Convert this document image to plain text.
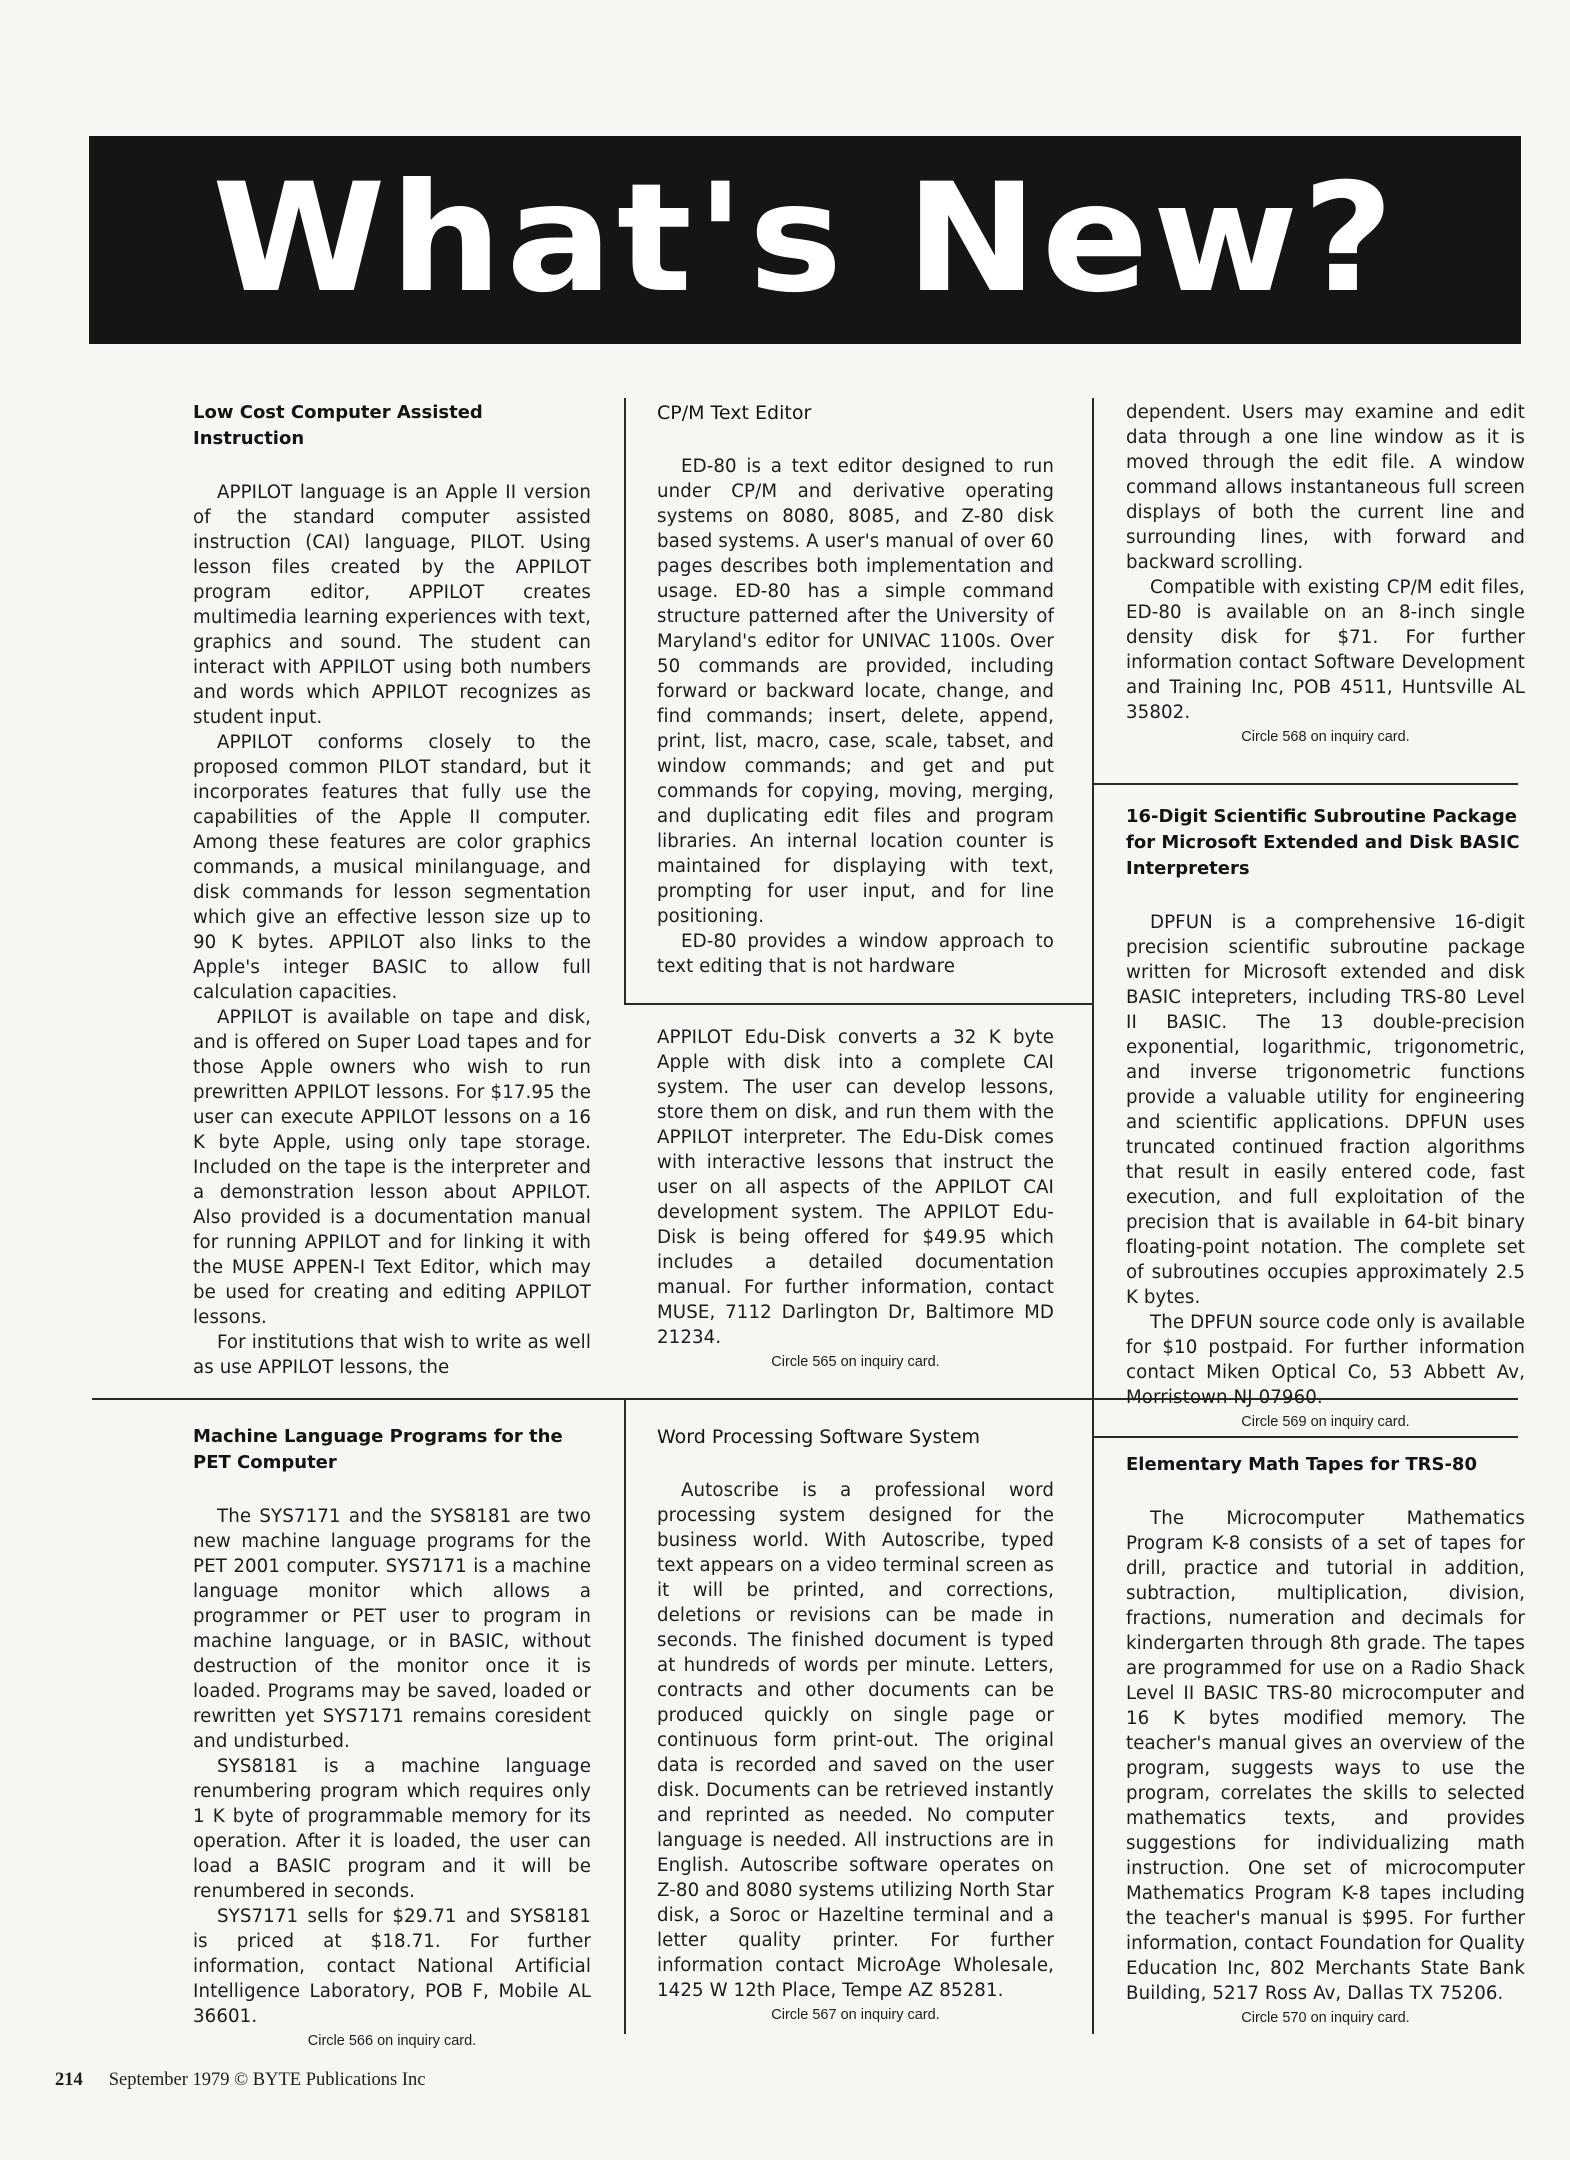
What's New?
Low Cost Computer Assisted Instruction

APPILOT language is an Apple II version of the standard computer assisted instruction (CAI) language, PILOT. Using lesson files created by the APPILOT program editor, APPILOT creates multimedia learning experiences with text, graphics and sound. The student can interact with APPILOT using both numbers and words which APPILOT recognizes as student input.

APPILOT conforms closely to the proposed common PILOT standard, but it incorporates features that fully use the capabilities of the Apple II computer. Among these features are color graphics commands, a musical minilanguage, and disk commands for lesson segmentation which give an effective lesson size up to 90 K bytes. APPILOT also links to the Apple's integer BASIC to allow full calculation capacities.

APPILOT is available on tape and disk, and is offered on Super Load tapes and for those Apple owners who wish to run prewritten APPILOT lessons. For $17.95 the user can execute APPILOT lessons on a 16 K byte Apple, using only tape storage. Included on the tape is the interpreter and a demonstration lesson about APPILOT. Also provided is a documentation manual for running APPILOT and for linking it with the MUSE APPEN-I Text Editor, which may be used for creating and editing APPILOT lessons.

For institutions that wish to write as well as use APPILOT lessons, the

CP/M Text Editor

ED-80 is a text editor designed to run under CP/M and derivative operating systems on 8080, 8085, and Z-80 disk based systems. A user's manual of over 60 pages describes both implementation and usage. ED-80 has a simple command structure patterned after the University of Maryland's editor for UNIVAC 1100s. Over 50 commands are provided, including forward or backward locate, change, and find commands; insert, delete, append, print, list, macro, case, scale, tabset, and window commands; and get and put commands for copying, moving, merging, and duplicating edit files and program libraries. An internal location counter is maintained for displaying with text, prompting for user input, and for line positioning.

ED-80 provides a window approach to text editing that is not hardware

APPILOT Edu-Disk converts a 32 K byte Apple with disk into a complete CAI system. The user can develop lessons, store them on disk, and run them with the APPILOT interpreter. The Edu-Disk comes with interactive lessons that instruct the user on all aspects of the APPILOT CAI development system. The APPILOT Edu-Disk is being offered for $49.95 which includes a detailed documentation manual. For further information, contact MUSE, 7112 Darlington Dr, Baltimore MD 21234.

Circle 565 on inquiry card.

dependent. Users may examine and edit data through a one line window as it is moved through the edit file. A window command allows instantaneous full screen displays of both the current line and surrounding lines, with forward and backward scrolling.

Compatible with existing CP/M edit files, ED-80 is available on an 8-inch single density disk for $71. For further information contact Software Development and Training Inc, POB 4511, Huntsville AL 35802.

Circle 568 on inquiry card.
16-Digit Scientific Subroutine Package
for Microsoft Extended and Disk BASIC
Interpreters

DPFUN is a comprehensive 16-digit precision scientific subroutine package written for Microsoft extended and disk BASIC intepreters, including TRS-80 Level II BASIC. The 13 double-precision exponential, logarithmic, trigonometric, and inverse trigonometric functions provide a valuable utility for engineering and scientific applications. DPFUN uses truncated continued fraction algorithms that result in easily entered code, fast execution, and full exploitation of the precision that is available in 64-bit binary floating-point notation. The complete set of subroutines occupies approximately 2.5 K bytes.

The DPFUN source code only is available for $10 postpaid. For further information contact Miken Optical Co, 53 Abbett Av, Morristown NJ 07960.

Circle 569 on inquiry card.
Machine Language Programs for the
PET Computer

The SYS7171 and the SYS8181 are two new machine language programs for the PET 2001 computer. SYS7171 is a machine language monitor which allows a programmer or PET user to program in machine language, or in BASIC, without destruction of the monitor once it is loaded. Programs may be saved, loaded or rewritten yet SYS7171 remains coresident and undisturbed.

SYS8181 is a machine language renumbering program which requires only 1 K byte of programmable memory for its operation. After it is loaded, the user can load a BASIC program and it will be renumbered in seconds.

SYS7171 sells for $29.71 and SYS8181 is priced at $18.71. For further information, contact National Artificial Intelligence Laboratory, POB F, Mobile AL 36601.

Circle 566 on inquiry card.
Word Processing Software System

Autoscribe is a professional word processing system designed for the business world. With Autoscribe, typed text appears on a video terminal screen as it will be printed, and corrections, deletions or revisions can be made in seconds. The finished document is typed at hundreds of words per minute. Letters, contracts and other documents can be produced quickly on single page or continuous form print-out. The original data is recorded and saved on the user disk. Documents can be retrieved instantly and reprinted as needed. No computer language is needed. All instructions are in English. Autoscribe software operates on Z-80 and 8080 systems utilizing North Star disk, a Soroc or Hazeltine terminal and a letter quality printer. For further information contact MicroAge Wholesale, 1425 W 12th Place, Tempe AZ 85281.

Circle 567 on inquiry card.
Elementary Math Tapes for TRS-80

The Microcomputer Mathematics Program K-8 consists of a set of tapes for drill, practice and tutorial in addition, subtraction, multiplication, division, fractions, numeration and decimals for kindergarten through 8th grade. The tapes are programmed for use on a Radio Shack Level II BASIC TRS-80 microcomputer and 16 K bytes modified memory. The teacher's manual gives an overview of the program, suggests ways to use the program, correlates the skills to selected mathematics texts, and provides suggestions for individualizing math instruction. One set of microcomputer Mathematics Program K-8 tapes including the teacher's manual is $995. For further information, contact Foundation for Quality Education Inc, 802 Merchants State Bank Building, 5217 Ross Av, Dallas TX 75206.

Circle 570 on inquiry card.
214 September 1979 © BYTE Publications Inc
